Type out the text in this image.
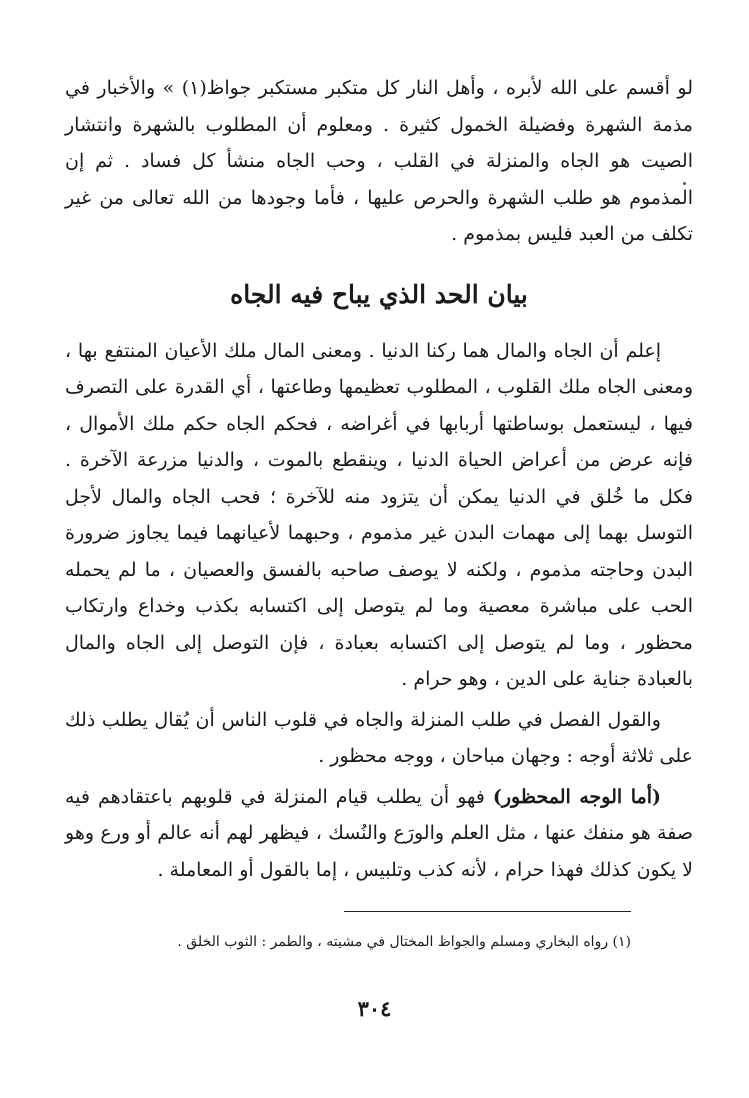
لو أقسم على الله لأبره ، وأهل النار كل متكبر مستكبر جواظ(١) » والأخبار في مذمة الشهرة وفضيلة الخمول كثيرة . ومعلوم أن المطلوب بالشهرة وانتشار الصيت هو الجاه والمنزلة في القلب ، وحب الجاه منشأ كل فساد . ثم إن المذموم هو طلب الشهرة والحرص عليها ، فأما وجودها من الله تعالى من غير تكلف من العبد فليس بمذموم .

بيان الحد الذي يباح فيه الجاه

إعلم أن الجاه والمال هما ركنا الدنيا . ومعنى المال ملك الأعيان المنتفع بها ، ومعنى الجاه ملك القلوب ، المطلوب تعظيمها وطاعتها ، أي القدرة على التصرف فيها ، ليستعمل بوساطتها أربابها في أغراضه ، فحكم الجاه حكم ملك الأموال ، فإنه عرض من أعراض الحياة الدنيا ، وينقطع بالموت ، والدنيا مزرعة الآخرة . فكل ما خُلق في الدنيا يمكن أن يتزود منه للآخرة ؛ فحب الجاه والمال لأجل التوسل بهما إلى مهمات البدن غير مذموم ، وحبهما لأعيانهما فيما يجاوز ضرورة البدن وحاجته مذموم ، ولكنه لا يوصف صاحبه بالفسق والعصيان ، ما لم يحمله الحب على مباشرة معصية وما لم يتوصل إلى اكتسابه بكذب وخداع وارتكاب محظور ، وما لم يتوصل إلى اكتسابه بعبادة ، فإن التوصل إلى الجاه والمال بالعبادة جناية على الدين ، وهو حرام .

والقول الفصل في طلب المنزلة والجاه في قلوب الناس أن يُقال يطلب ذلك على ثلاثة أوجه : وجهان مباحان ، ووجه محظور .

(أما الوجه المحظور) فهو أن يطلب قيام المنزلة في قلوبهم باعتقادهم فيه صفة هو منفك عنها ، مثل العلم والورَع والنُسك ، فيظهر لهم أنه عالم أو ورع وهو لا يكون كذلك فهذا حرام ، لأنه كذب وتلبيس ، إما بالقول أو المعاملة .

(١) رواه البخاري ومسلم والجواظ المختال في مشيته ، والطمر : الثوب الخلق .
٣٠٤
